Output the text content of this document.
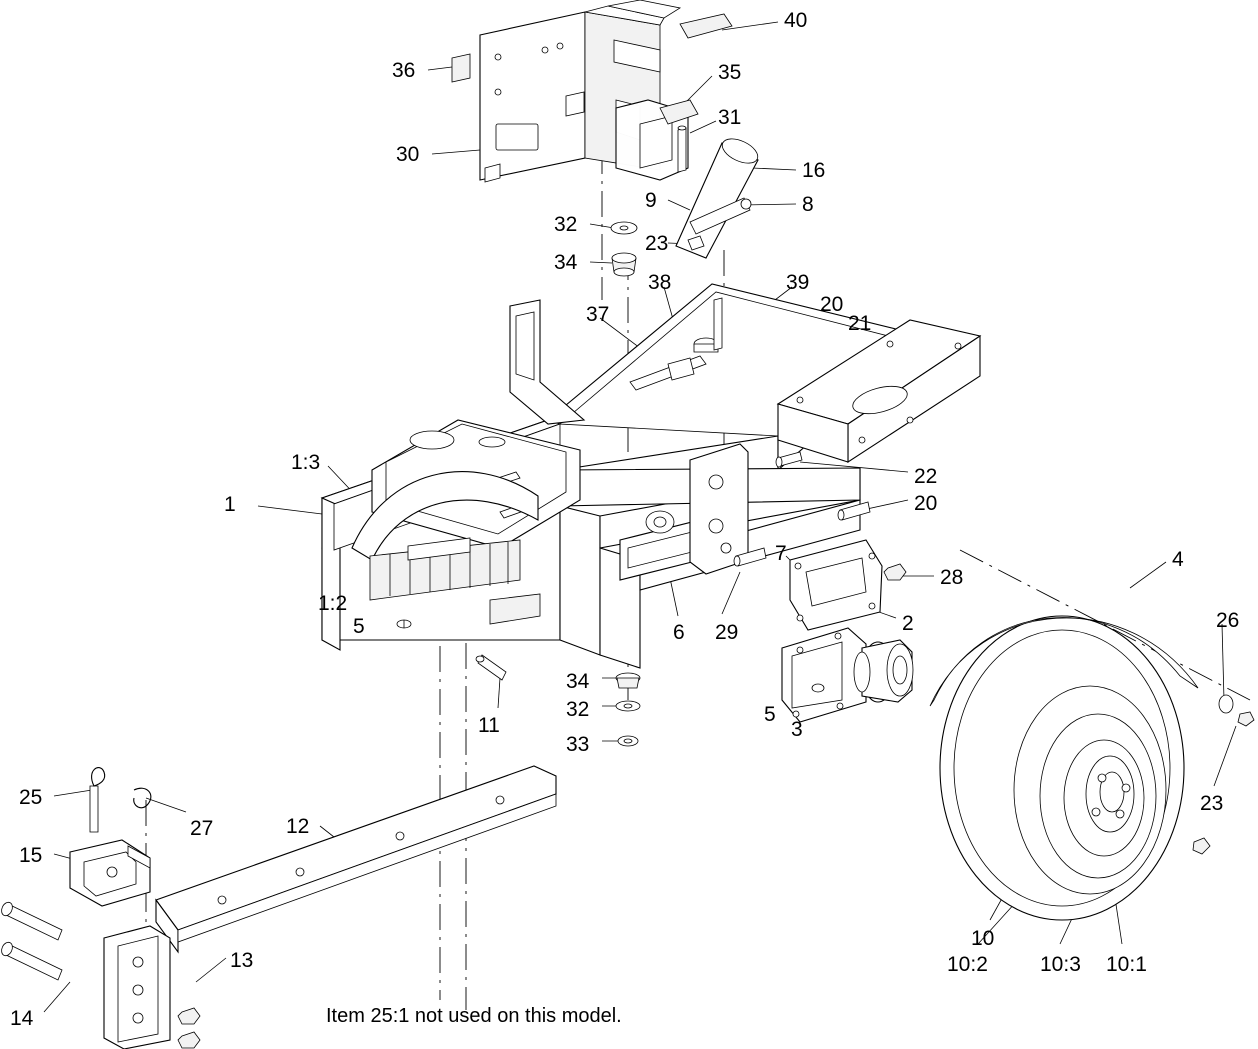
40
36	35
31
30
16
9	8
32
23
34
38	39
20
37	21
1:3
22
1	20
4
7
28
1:2
26
2
5	6 29
34
32
11	5
3
33
23
25
27	12
15
10
10:2 10:3 10:1
13
14	Item 25:1 not used on this model.
